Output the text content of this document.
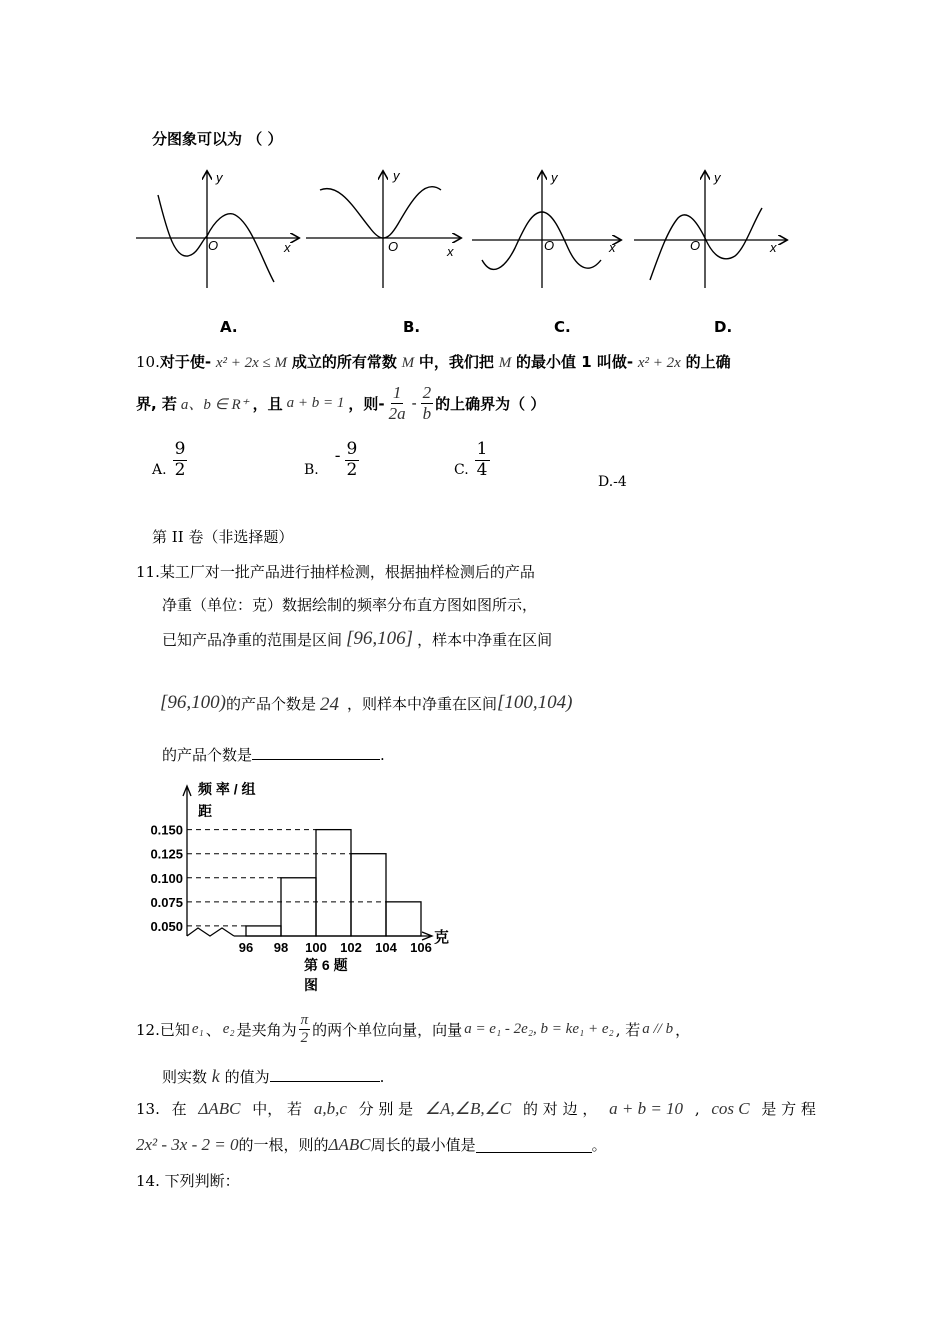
分图象可以为 （ ）
y
x
O
y
x
O
y
x
O
y
x
O
A.	B.	C.	D.
10.对于使- x² + 2x ≤ M 成立的所有常数 M 中，我们把 M 的最小值 1 叫做- x² + 2x 的上确
界, 若 a、b ∈ R⁺ ，且 a + b = 1 ，则- $\frac{1}{2a} - \frac{2}{b}$ 的上确界为（ ）
A. $\frac{9}{2}$	B.
- $\frac{9}{2}$	C. $\frac{1}{4}$
D.-4
第 II 卷（非选择题）
11.某工厂对一批产品进行抽样检测，根据抽样检测后的产品
净重（单位：克）数据绘制的频率分布直方图如图所示，
已知产品净重的范围是区间 [96,106] ，样本中净重在区间
[96,100) 的产品个数是 24 ，则样本中净重在区间 [100,104)
的产品个数是	.
频 率 / 组
距
克
0.150
0.125
0.100
0.075
0.050
96 98 100 102 104 106
第 6 题
图
12. 已知 e₁ 、 e₂ 是夹角为 $\frac{\pi}{2}$ 的两个单位向量，向量 a = e₁ - 2e₂, b = ke₁ + e₂ , 若 a // b ，
则实数 k 的值为	.
13. 在 ΔABC 中， 若 a,b,c 分 别 是 ∠A,∠B,∠C 的 对 边 ， a + b = 10 , cos C 是 方 程
2x² - 3x - 2 = 0 的一根，则的 ΔABC 周长的最小值是	。
14. 下列判断：
